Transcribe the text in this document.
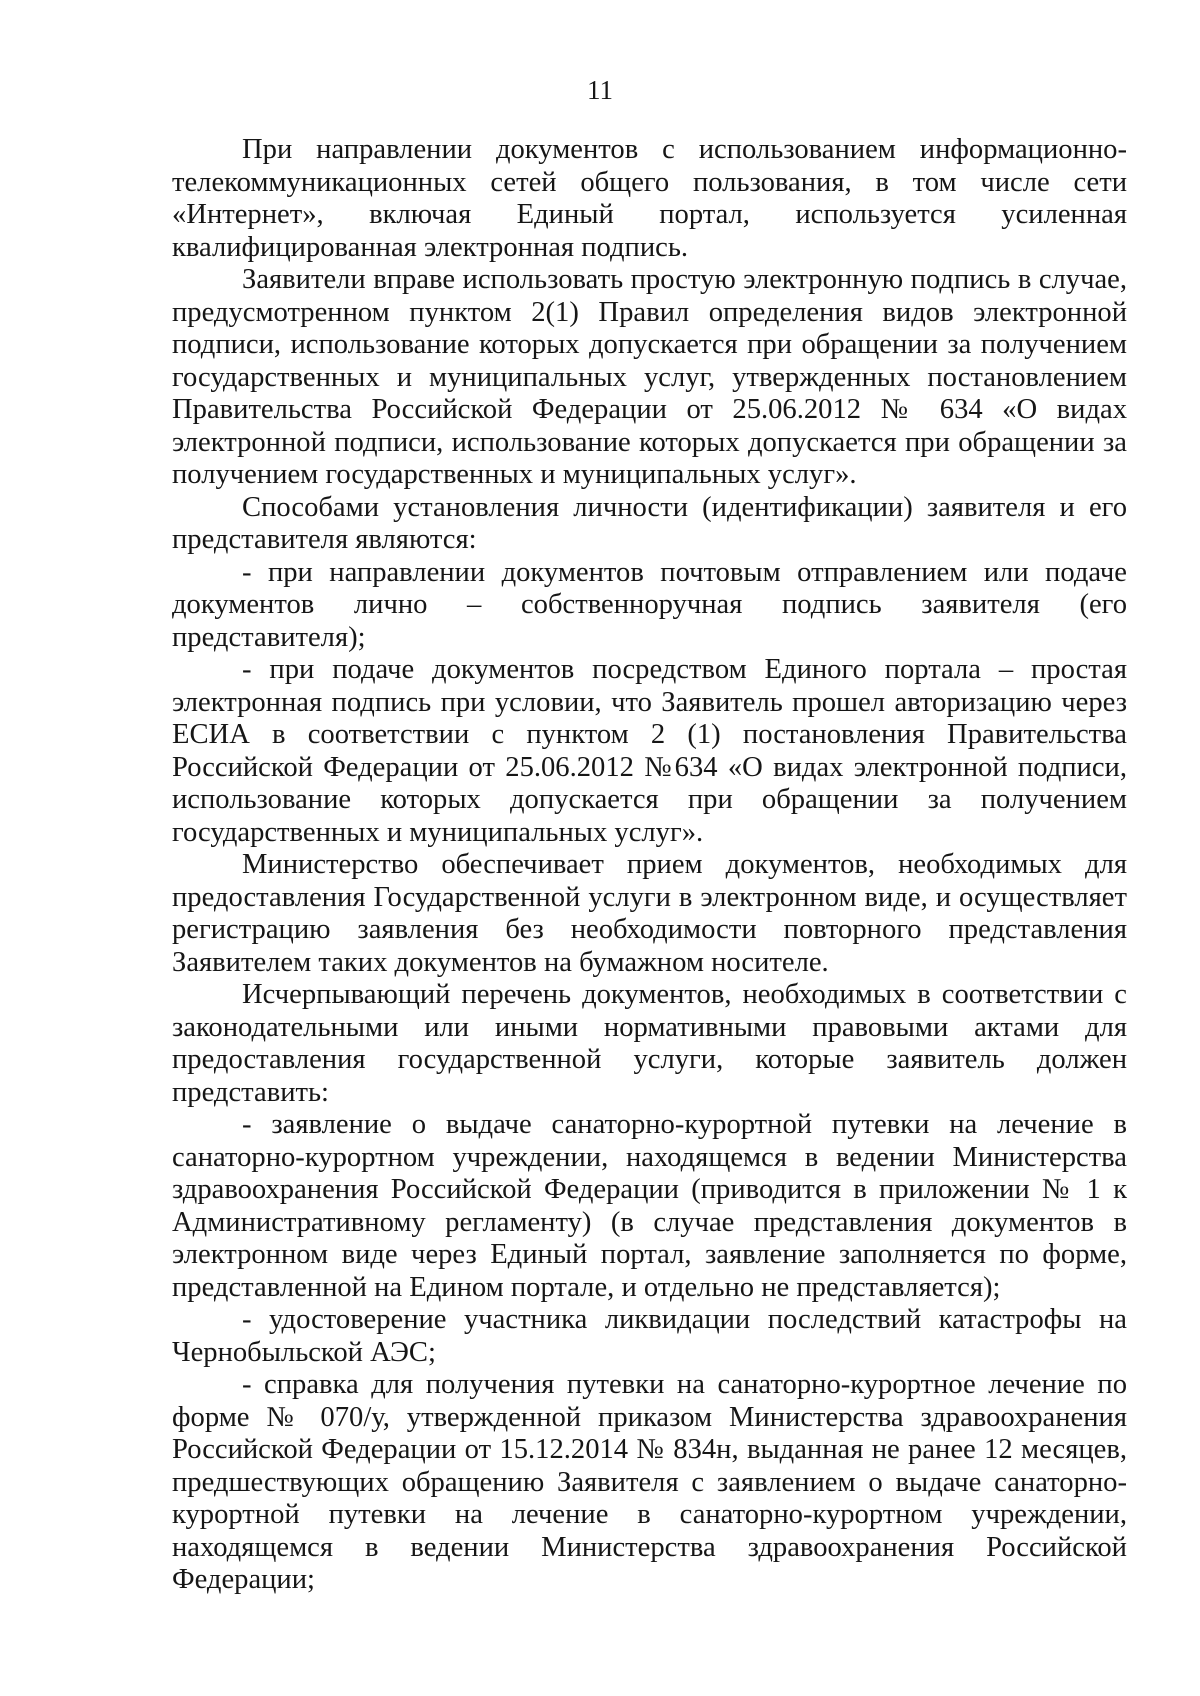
11

При направлении документов с использованием информационно-телекоммуникационных сетей общего пользования, в том числе сети «Интернет», включая Единый портал, используется усиленная квалифицированная электронная подпись.

Заявители вправе использовать простую электронную подпись в случае, предусмотренном пунктом 2(1) Правил определения видов электронной подписи, использование которых допускается при обращении за получением государственных и муниципальных услуг, утвержденных постановлением Правительства Российской Федерации от 25.06.2012 № 634 «О видах электронной подписи, использование которых допускается при обращении за получением государственных и муниципальных услуг».

Способами установления личности (идентификации) заявителя и его представителя являются:

- при направлении документов почтовым отправлением или подаче документов лично – собственноручная подпись заявителя (его представителя);

- при подаче документов посредством Единого портала – простая электронная подпись при условии, что Заявитель прошел авторизацию через ЕСИА в соответствии с пунктом 2 (1) постановления Правительства Российской Федерации от 25.06.2012 №634 «О видах электронной подписи, использование которых допускается при обращении за получением государственных и муниципальных услуг».

Министерство обеспечивает прием документов, необходимых для предоставления Государственной услуги в электронном виде, и осуществляет регистрацию заявления без необходимости повторного представления Заявителем таких документов на бумажном носителе.

Исчерпывающий перечень документов, необходимых в соответствии с законодательными или иными нормативными правовыми актами для предоставления государственной услуги, которые заявитель должен представить:

- заявление о выдаче санаторно-курортной путевки на лечение в санаторно-курортном учреждении, находящемся в ведении Министерства здравоохранения Российской Федерации (приводится в приложении № 1 к Административному регламенту) (в случае представления документов в электронном виде через Единый портал, заявление заполняется по форме, представленной на Едином портале, и отдельно не представляется);

- удостоверение участника ликвидации последствий катастрофы на Чернобыльской АЭС;

- справка для получения путевки на санаторно-курортное лечение по форме № 070/у, утвержденной приказом Министерства здравоохранения Российской Федерации от 15.12.2014 № 834н, выданная не ранее 12 месяцев, предшествующих обращению Заявителя с заявлением о выдаче санаторно-курортной путевки на лечение в санаторно-курортном учреждении, находящемся в ведении Министерства здравоохранения Российской Федерации;
